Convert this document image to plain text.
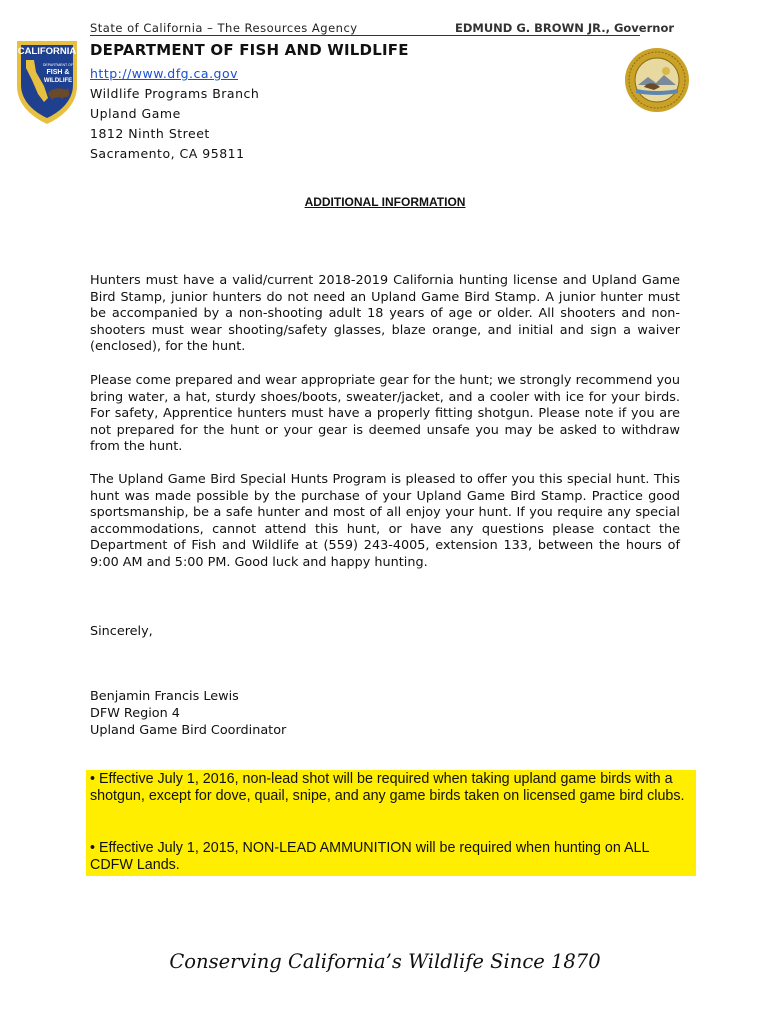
CALIFORNIA
DEPARTMENT OF
FISH &
WILDLIFE
State of California – The Resources Agency	EDMUND G. BROWN JR., Governor
DEPARTMENT OF FISH AND WILDLIFE
http://www.dfg.ca.gov
Wildlife Programs Branch
Upland Game
1812 Ninth Street
Sacramento, CA 95811
ADDITIONAL INFORMATION
Hunters must have a valid/current 2018-2019 California hunting license and Upland Game Bird Stamp, junior hunters do not need an Upland Game Bird Stamp. A junior hunter must be accompanied by a non-shooting adult 18 years of age or older. All shooters and non-shooters must wear shooting/safety glasses, blaze orange, and initial and sign a waiver (enclosed), for the hunt.
Please come prepared and wear appropriate gear for the hunt; we strongly recommend you bring water, a hat, sturdy shoes/boots, sweater/jacket, and a cooler with ice for your birds. For safety, Apprentice hunters must have a properly fitting shotgun. Please note if you are not prepared for the hunt or your gear is deemed unsafe you may be asked to withdraw from the hunt.
The Upland Game Bird Special Hunts Program is pleased to offer you this special hunt. This hunt was made possible by the purchase of your Upland Game Bird Stamp. Practice good sportsmanship, be a safe hunter and most of all enjoy your hunt. If you require any special accommodations, cannot attend this hunt, or have any questions please contact the Department of Fish and Wildlife at (559) 243-4005, extension 133, between the hours of 9:00 AM and 5:00 PM. Good luck and happy hunting.
Sincerely,
Benjamin Francis Lewis
DFW Region 4
Upland Game Bird Coordinator
• Effective July 1, 2016, non-lead shot will be required when taking upland game birds with a shotgun, except for dove, quail, snipe, and any game birds taken on licensed game bird clubs.
• Effective July 1, 2015, NON-LEAD AMMUNITION will be required when hunting on ALL CDFW Lands.
Conserving California’s Wildlife Since 1870
